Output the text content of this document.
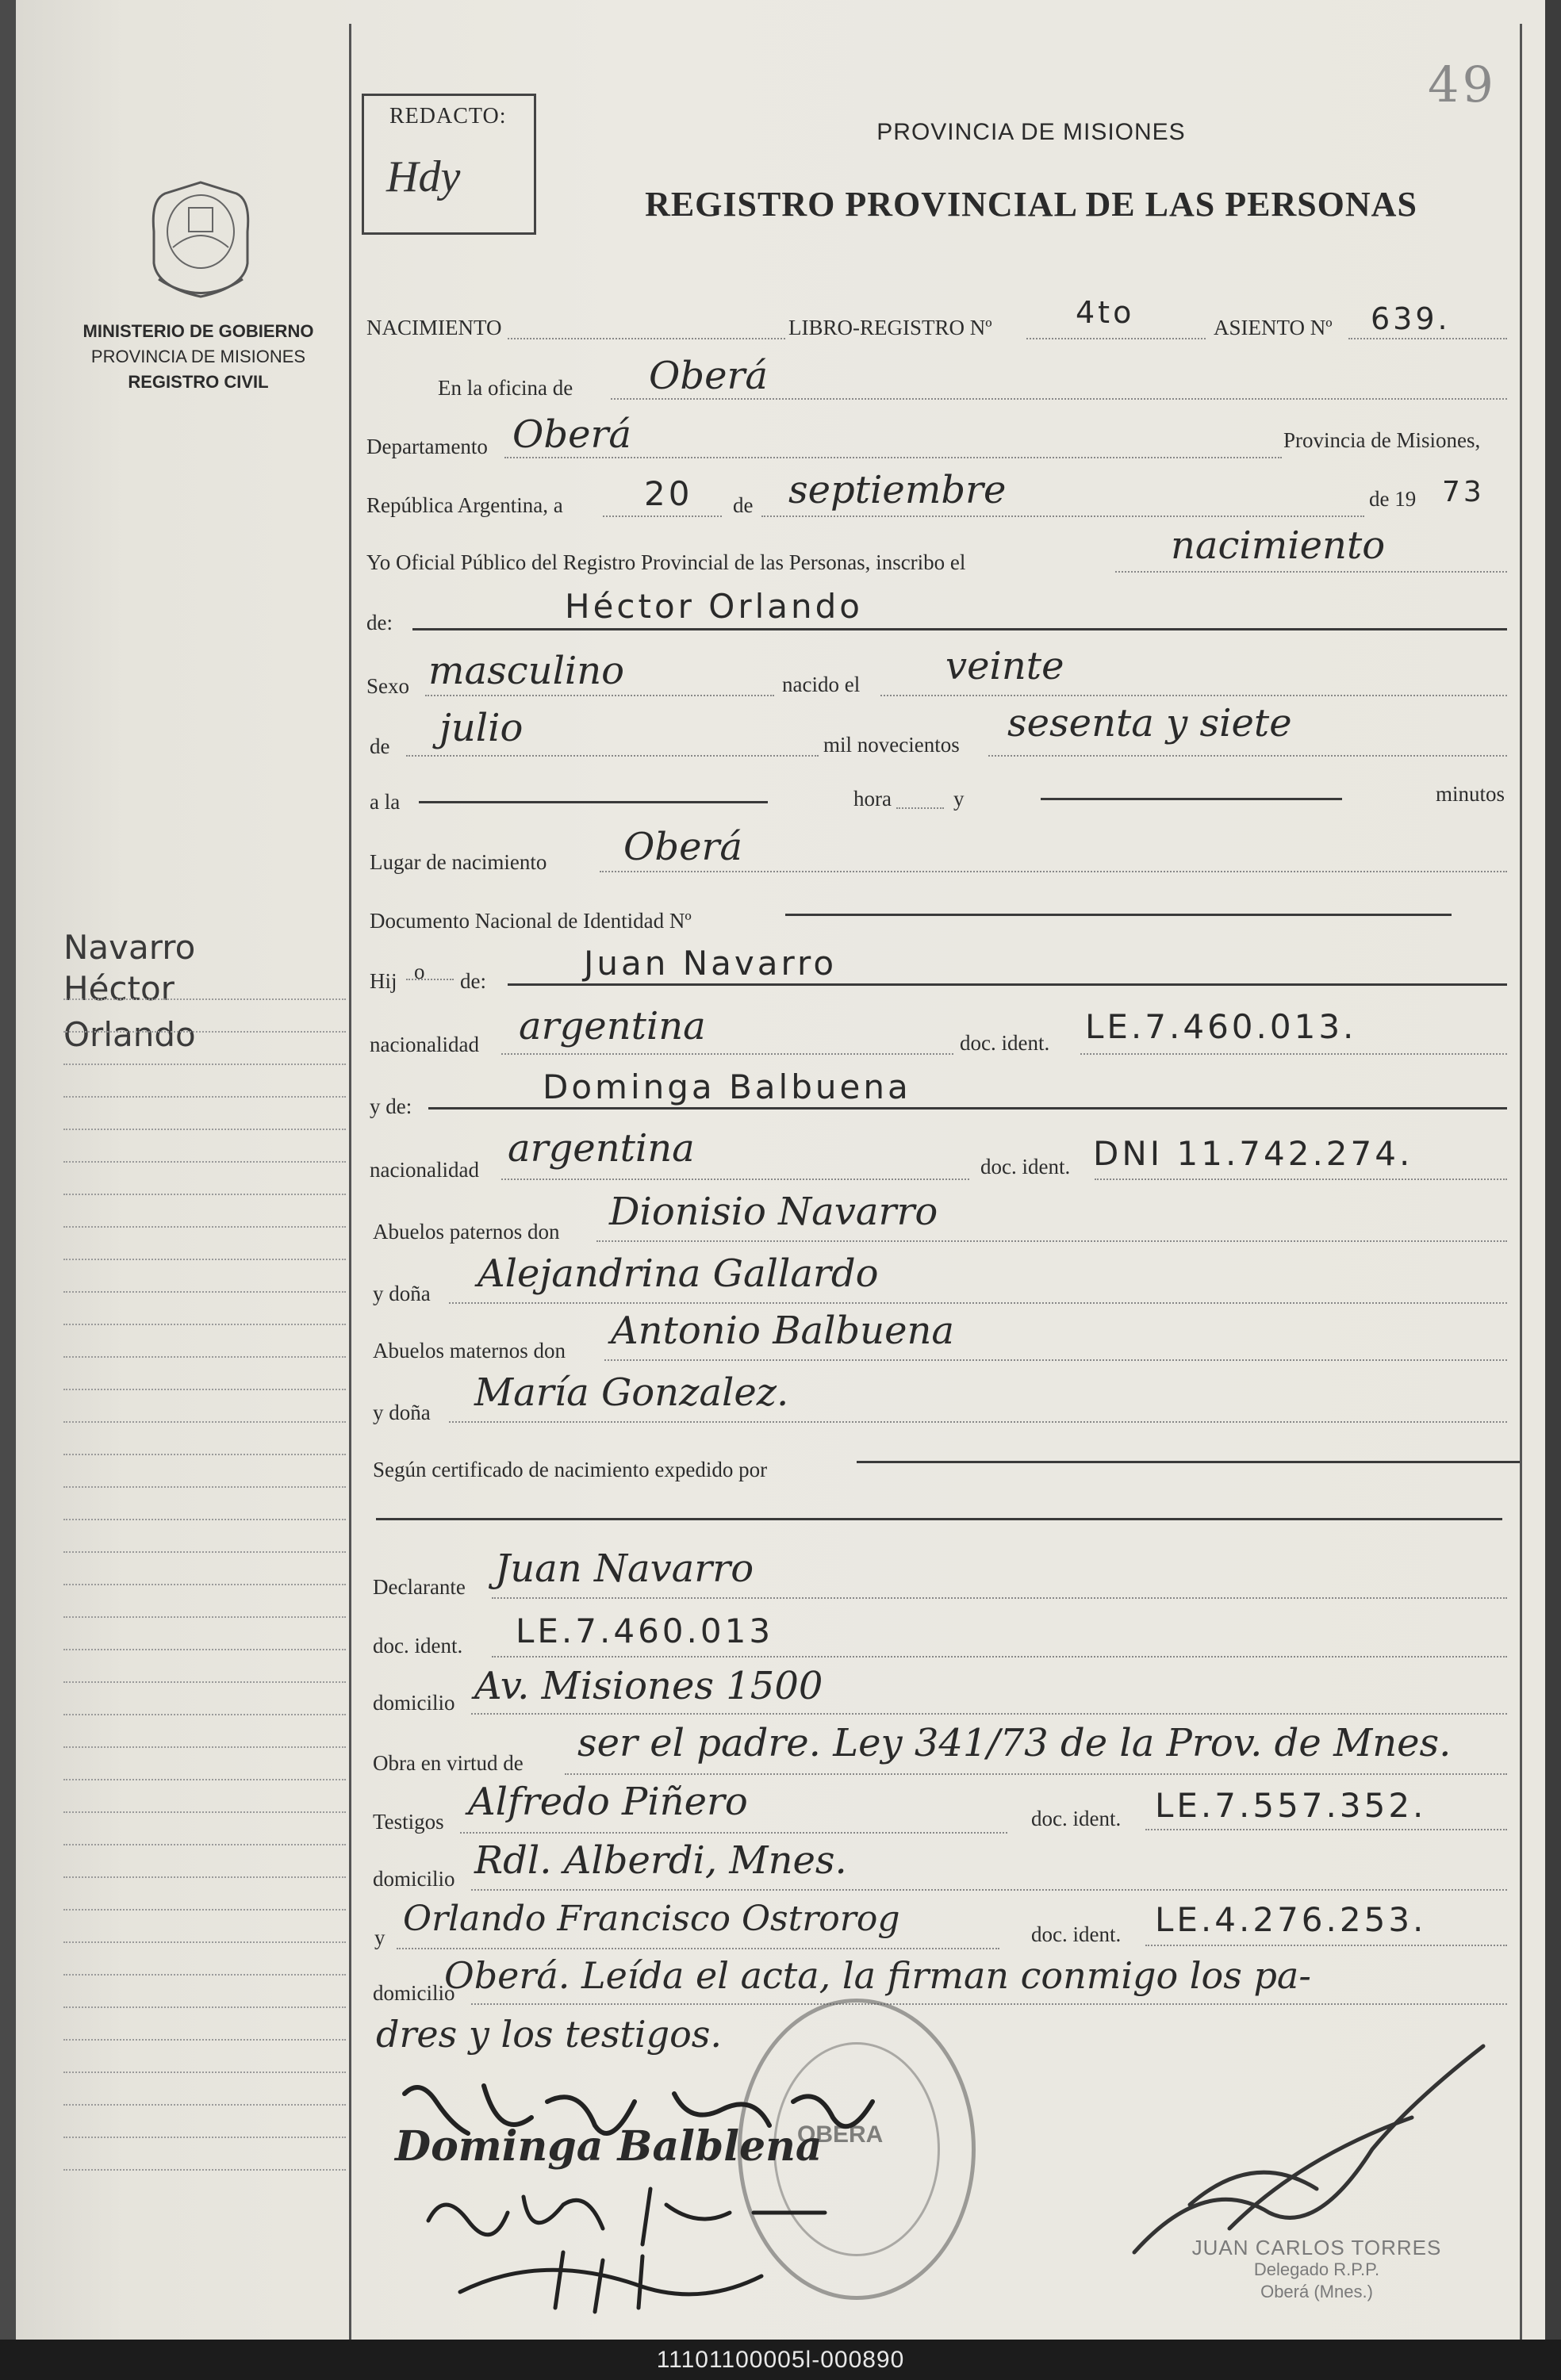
49
REDACTO:
Hdy
PROVINCIA DE MISIONES
REGISTRO PROVINCIAL DE LAS PERSONAS
MINISTERIO DE GOBIERNO
PROVINCIA DE MISIONES
REGISTRO CIVIL
Navarro
Héctor
Orlando
NACIMIENTO	LIBRO-REGISTRO Nº	4to	ASIENTO Nº 639.
En la oficina de Oberá
Departamento Oberá	Provincia de Misiones,
República Argentina, a 20 de septiembre	de 19 73
Yo Oficial Público del Registro Provincial de las Personas, inscribo el	nacimiento
de:	Héctor Orlando
Sexo masculino	nacido el veinte
de julio	mil novecientos sesenta y siete
a la	hora	y	minutos
Lugar de nacimiento Oberá
Documento Nacional de Identidad Nº
Hij o de:	Juan Navarro
nacionalidad argentina	doc. ident. LE.7.460.013.
y de:	Dominga Balbuena
nacionalidad argentina	doc. ident. DNI 11.742.274.
Abuelos paternos don Dionisio Navarro
y doña Alejandrina Gallardo
Abuelos maternos don Antonio Balbuena
y doña María Gonzalez.
Según certificado de nacimiento expedido por
Declarante Juan Navarro
doc. ident. LE.7.460.013
domicilio Av. Misiones 1500
Obra en virtud de ser el padre. Ley 341/73 de la Prov. de Mnes.
Testigos Alfredo Piñero	doc. ident. LE.7.557.352.
domicilio Rdl. Alberdi, Mnes.
y Orlando Francisco Ostrorog	doc. ident. LE.4.276.253.
domicilio
Oberá. Leída el acta, la firman conmigo los pa-
dres y los testigos.
OBERA
Dominga Balblena
JUAN CARLOS TORRES
Delegado R.P.P.
Oberá (Mnes.)
11101100005l-000890
